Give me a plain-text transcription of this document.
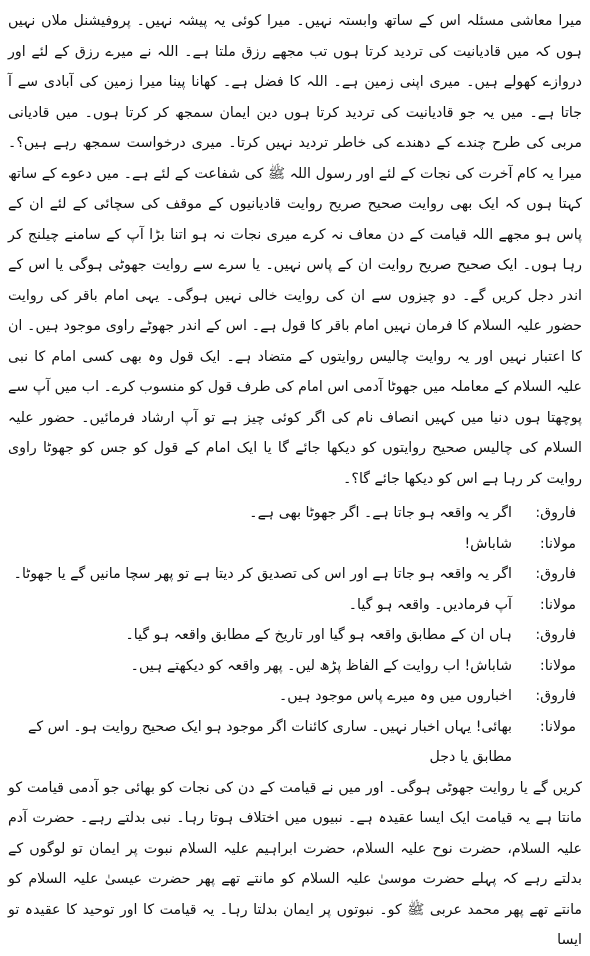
میرا معاشی مسئلہ اس کے ساتھ وابستہ نہیں۔ میرا کوئی یہ پیشہ نہیں۔ پروفیشنل ملاں نہیں ہوں کہ میں قادیانیت کی تردید کرتا ہوں تب مجھے رزق ملتا ہے۔ اللہ نے میرے رزق کے لئے اور دروازے کھولے ہیں۔ میری اپنی زمین ہے۔ اللہ کا فضل ہے۔ کھانا پینا میرا زمین کی آبادی سے آ جاتا ہے۔ میں یہ جو قادیانیت کی تردید کرتا ہوں دین ایمان سمجھ کر کرتا ہوں۔ میں قادیانی مربی کی طرح چندے کے دھندے کی خاطر تردید نہیں کرتا۔ میری درخواست سمجھ رہے ہیں؟۔ میرا یہ کام آخرت کی نجات کے لئے اور رسول اللہ ﷺ کی شفاعت کے لئے ہے۔ میں دعوے کے ساتھ کہتا ہوں کہ ایک بھی روایت صحیح صریح روایت قادیانیوں کے موقف کی سچائی کے لئے ان کے پاس ہو مجھے اللہ قیامت کے دن معاف نہ کرے میری نجات نہ ہو اتنا بڑا آپ کے سامنے چیلنج کر رہا ہوں۔ ایک صحیح صریح روایت ان کے پاس نہیں۔ یا سرے سے روایت جھوٹی ہوگی یا اس کے اندر دجل کریں گے۔ دو چیزوں سے ان کی روایت خالی نہیں ہوگی۔ یہی امام باقر کی روایت حضور علیہ السلام کا فرمان نہیں امام باقر کا قول ہے۔ اس کے اندر جھوٹے راوی موجود ہیں۔ ان کا اعتبار نہیں اور یہ روایت چالیس روایتوں کے متضاد ہے۔ ایک قول وہ بھی کسی امام کا نبی علیہ السلام کے معاملہ میں جھوٹا آدمی اس امام کی طرف قول کو منسوب کرے۔ اب میں آپ سے پوچھتا ہوں دنیا میں کہیں انصاف نام کی اگر کوئی چیز ہے تو آپ ارشاد فرمائیں۔ حضور علیہ السلام کی چالیس صحیح روایتوں کو دیکھا جائے گا یا ایک امام کے قول کو جس کو جھوٹا راوی روایت کر رہا ہے اس کو دیکھا جائے گا؟۔

فاروق:
اگر یہ واقعہ ہو جاتا ہے۔ اگر جھوٹا بھی ہے۔
مولانا:
شاباش!
فاروق:
اگر یہ واقعہ ہو جاتا ہے اور اس کی تصدیق کر دیتا ہے تو پھر سچا مانیں گے یا جھوٹا۔
مولانا:
آپ فرمادیں۔ واقعہ ہو گیا۔
فاروق:
ہاں ان کے مطابق واقعہ ہو گیا اور تاریخ کے مطابق واقعہ ہو گیا۔
مولانا:
شاباش! اب روایت کے الفاظ پڑھ لیں۔ پھر واقعہ کو دیکھتے ہیں۔
فاروق:
اخباروں میں وہ میرے پاس موجود ہیں۔
مولانا:
بھائی! یہاں اخبار نہیں۔ ساری کائنات اگر موجود ہو ایک صحیح روایت ہو۔ اس کے مطابق یا دجل

کریں گے یا روایت جھوٹی ہوگی۔ اور میں نے قیامت کے دن کی نجات کو بھائی جو آدمی قیامت کو مانتا ہے یہ قیامت ایک ایسا عقیدہ ہے۔ نبیوں میں اختلاف ہوتا رہا۔ نبی بدلتے رہے۔ حضرت آدم علیہ السلام، حضرت نوح علیہ السلام، حضرت ابراہیم علیہ السلام نبوت پر ایمان تو لوگوں کے بدلتے رہے کہ پہلے حضرت موسیٰ علیہ السلام کو مانتے تھے پھر حضرت عیسیٰ علیہ السلام کو مانتے تھے پھر محمد عربی ﷺ کو۔ نبوتوں پر ایمان بدلتا رہا۔ یہ قیامت کا اور توحید کا عقیدہ تو ایسا
